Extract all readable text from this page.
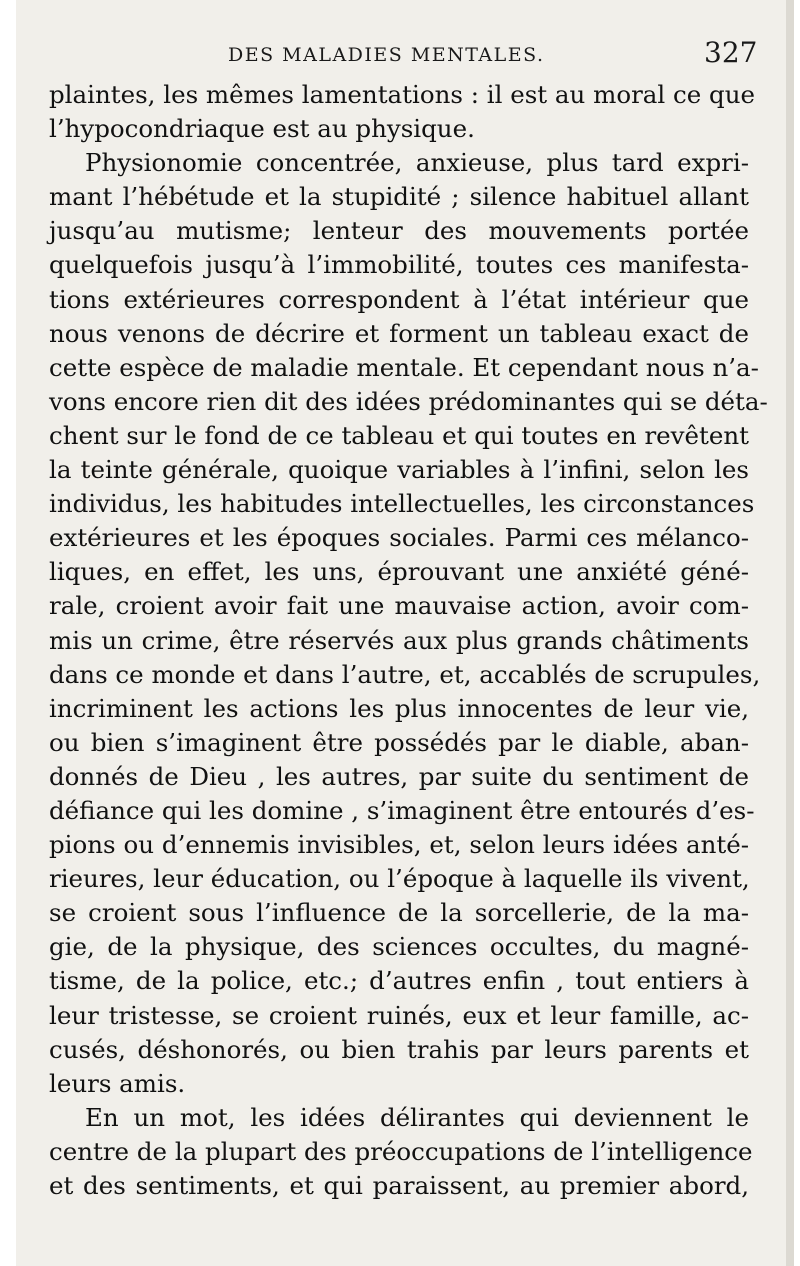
DES MALADIES MENTALES.	327
plaintes, les mêmes lamentations : il est au moral ce que
l’hypocondriaque est au physique.
Physionomie concentrée, anxieuse, plus tard expri-
mant l’hébétude et la stupidité ; silence habituel allant
jusqu’au mutisme; lenteur des mouvements portée
quelquefois jusqu’à l’immobilité, toutes ces manifesta-
tions extérieures correspondent à l’état intérieur que
nous venons de décrire et forment un tableau exact de
cette espèce de maladie mentale. Et cependant nous n’a-
vons encore rien dit des idées prédominantes qui se déta-
chent sur le fond de ce tableau et qui toutes en revêtent
la teinte générale, quoique variables à l’infini, selon les
individus, les habitudes intellectuelles, les circonstances
extérieures et les époques sociales. Parmi ces mélanco-
liques, en effet, les uns, éprouvant une anxiété géné-
rale, croient avoir fait une mauvaise action, avoir com-
mis un crime, être réservés aux plus grands châtiments
dans ce monde et dans l’autre, et, accablés de scrupules,
incriminent les actions les plus innocentes de leur vie,
ou bien s’imaginent être possédés par le diable, aban-
donnés de Dieu , les autres, par suite du sentiment de
défiance qui les domine , s’imaginent être entourés d’es-
pions ou d’ennemis invisibles, et, selon leurs idées anté-
rieures, leur éducation, ou l’époque à laquelle ils vivent,
se croient sous l’influence de la sorcellerie, de la ma-
gie, de la physique, des sciences occultes, du magné-
tisme, de la police, etc.; d’autres enfin , tout entiers à
leur tristesse, se croient ruinés, eux et leur famille, ac-
cusés, déshonorés, ou bien trahis par leurs parents et
leurs amis.
En un mot, les idées délirantes qui deviennent le
centre de la plupart des préoccupations de l’intelligence
et des sentiments, et qui paraissent, au premier abord,
